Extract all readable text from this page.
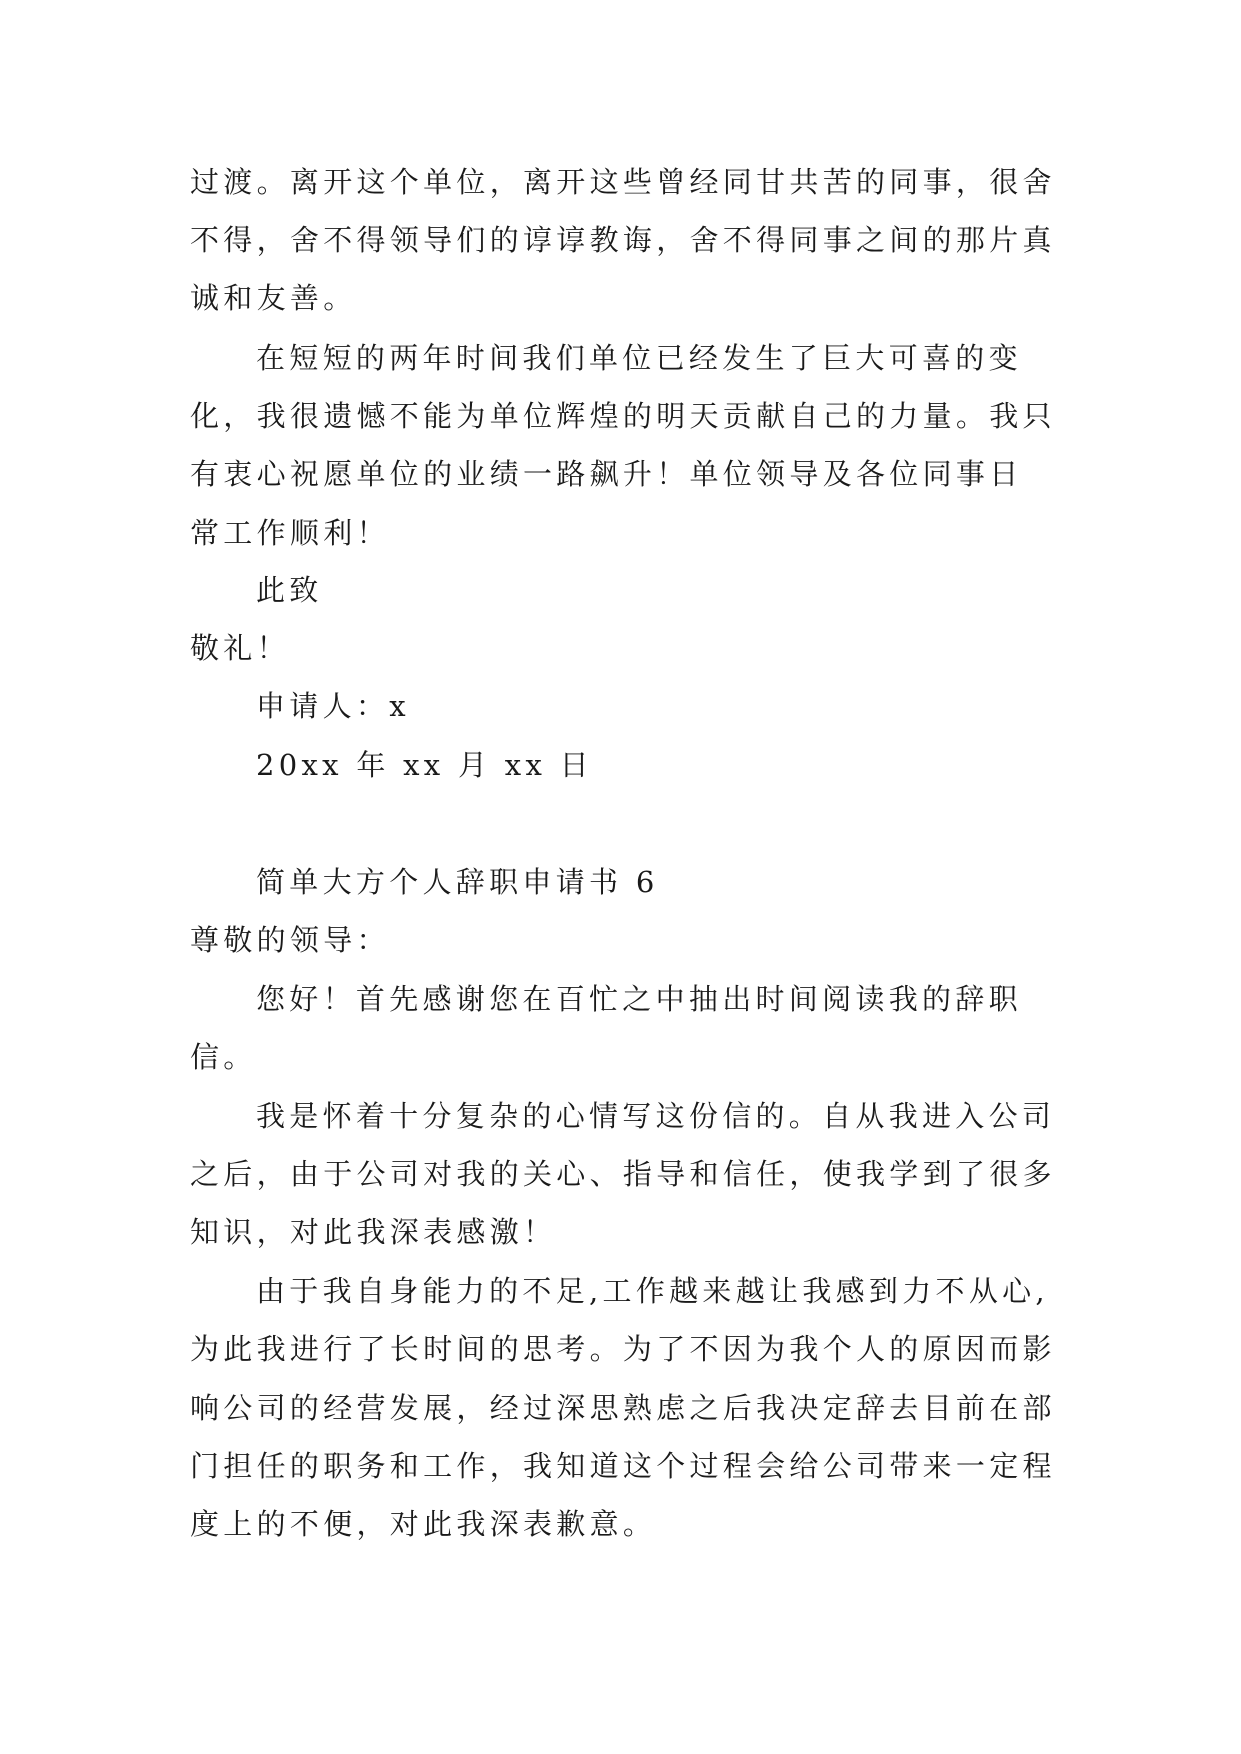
过渡。离开这个单位，离开这些曾经同甘共苦的同事，很舍
不得，舍不得领导们的谆谆教诲，舍不得同事之间的那片真
诚和友善。
在短短的两年时间我们单位已经发生了巨大可喜的变
化，我很遗憾不能为单位辉煌的明天贡献自己的力量。我只
有衷心祝愿单位的业绩一路飙升！单位领导及各位同事日
常工作顺利！
此致
敬礼！
申请人：x
20xx 年 xx 月 xx 日
简单大方个人辞职申请书 6
尊敬的领导：
您好！首先感谢您在百忙之中抽出时间阅读我的辞职
信。
我是怀着十分复杂的心情写这份信的。自从我进入公司
之后，由于公司对我的关心、指导和信任，使我学到了很多
知识，对此我深表感激！
由于我自身能力的不足,工作越来越让我感到力不从心,
为此我进行了长时间的思考。为了不因为我个人的原因而影
响公司的经营发展，经过深思熟虑之后我决定辞去目前在部
门担任的职务和工作，我知道这个过程会给公司带来一定程
度上的不便，对此我深表歉意。
